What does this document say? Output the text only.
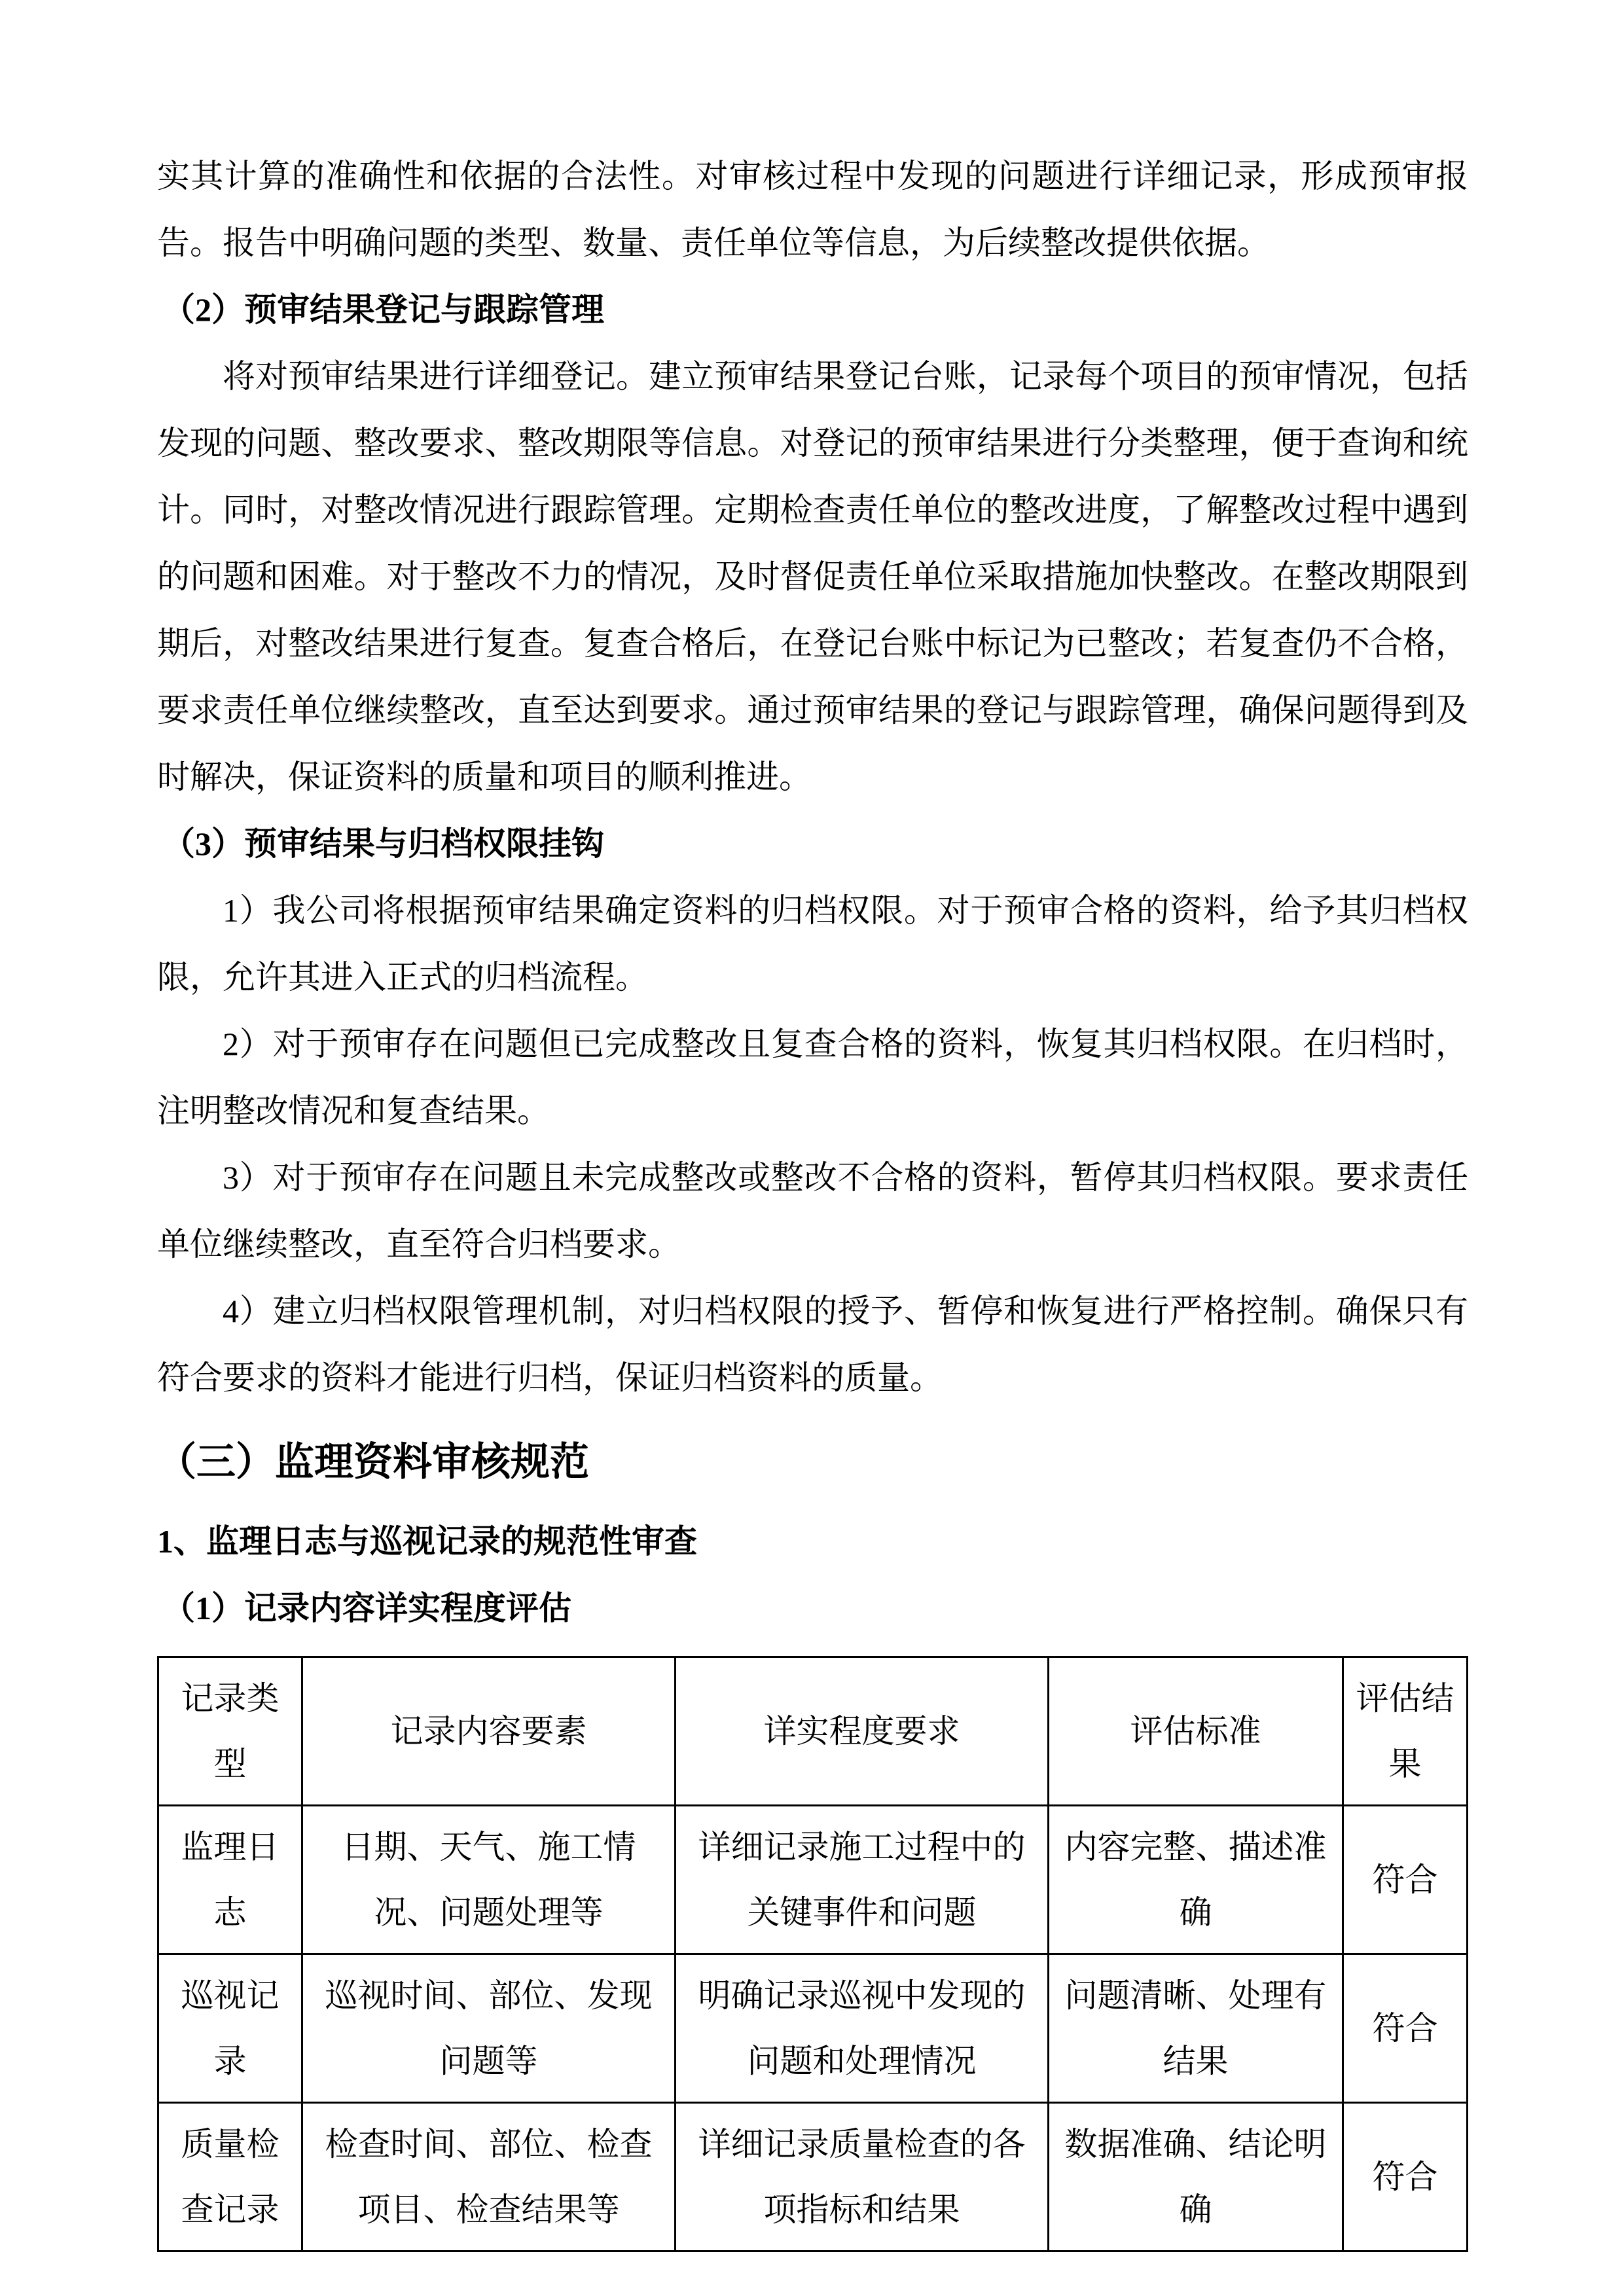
实其计算的准确性和依据的合法性。对审核过程中发现的问题进行详细记录，形成预审报告。报告中明确问题的类型、数量、责任单位等信息，为后续整改提供依据。

（2）预审结果登记与跟踪管理

将对预审结果进行详细登记。建立预审结果登记台账，记录每个项目的预审情况，包括发现的问题、整改要求、整改期限等信息。对登记的预审结果进行分类整理，便于查询和统计。同时，对整改情况进行跟踪管理。定期检查责任单位的整改进度，了解整改过程中遇到的问题和困难。对于整改不力的情况，及时督促责任单位采取措施加快整改。在整改期限到期后，对整改结果进行复查。复查合格后，在登记台账中标记为已整改；若复查仍不合格，要求责任单位继续整改，直至达到要求。通过预审结果的登记与跟踪管理，确保问题得到及时解决，保证资料的质量和项目的顺利推进。

（3）预审结果与归档权限挂钩

1）我公司将根据预审结果确定资料的归档权限。对于预审合格的资料，给予其归档权限，允许其进入正式的归档流程。

2）对于预审存在问题但已完成整改且复查合格的资料，恢复其归档权限。在归档时，注明整改情况和复查结果。

3）对于预审存在问题且未完成整改或整改不合格的资料，暂停其归档权限。要求责任单位继续整改，直至符合归档要求。

4）建立归档权限管理机制，对归档权限的授予、暂停和恢复进行严格控制。确保只有符合要求的资料才能进行归档，保证归档资料的质量。

（三）监理资料审核规范

1、监理日志与巡视记录的规范性审查

（1）记录内容详实程度评估

记录类型	记录内容要素	详实程度要求	评估标准	评估结果
监理日志	日期、天气、施工情况、问题处理等	详细记录施工过程中的关键事件和问题	内容完整、描述准确	符合
巡视记录	巡视时间、部位、发现问题等	明确记录巡视中发现的问题和处理情况	问题清晰、处理有结果	符合
质量检查记录	检查时间、部位、检查项目、检查结果等	详细记录质量检查的各项指标和结果	数据准确、结论明确	符合
